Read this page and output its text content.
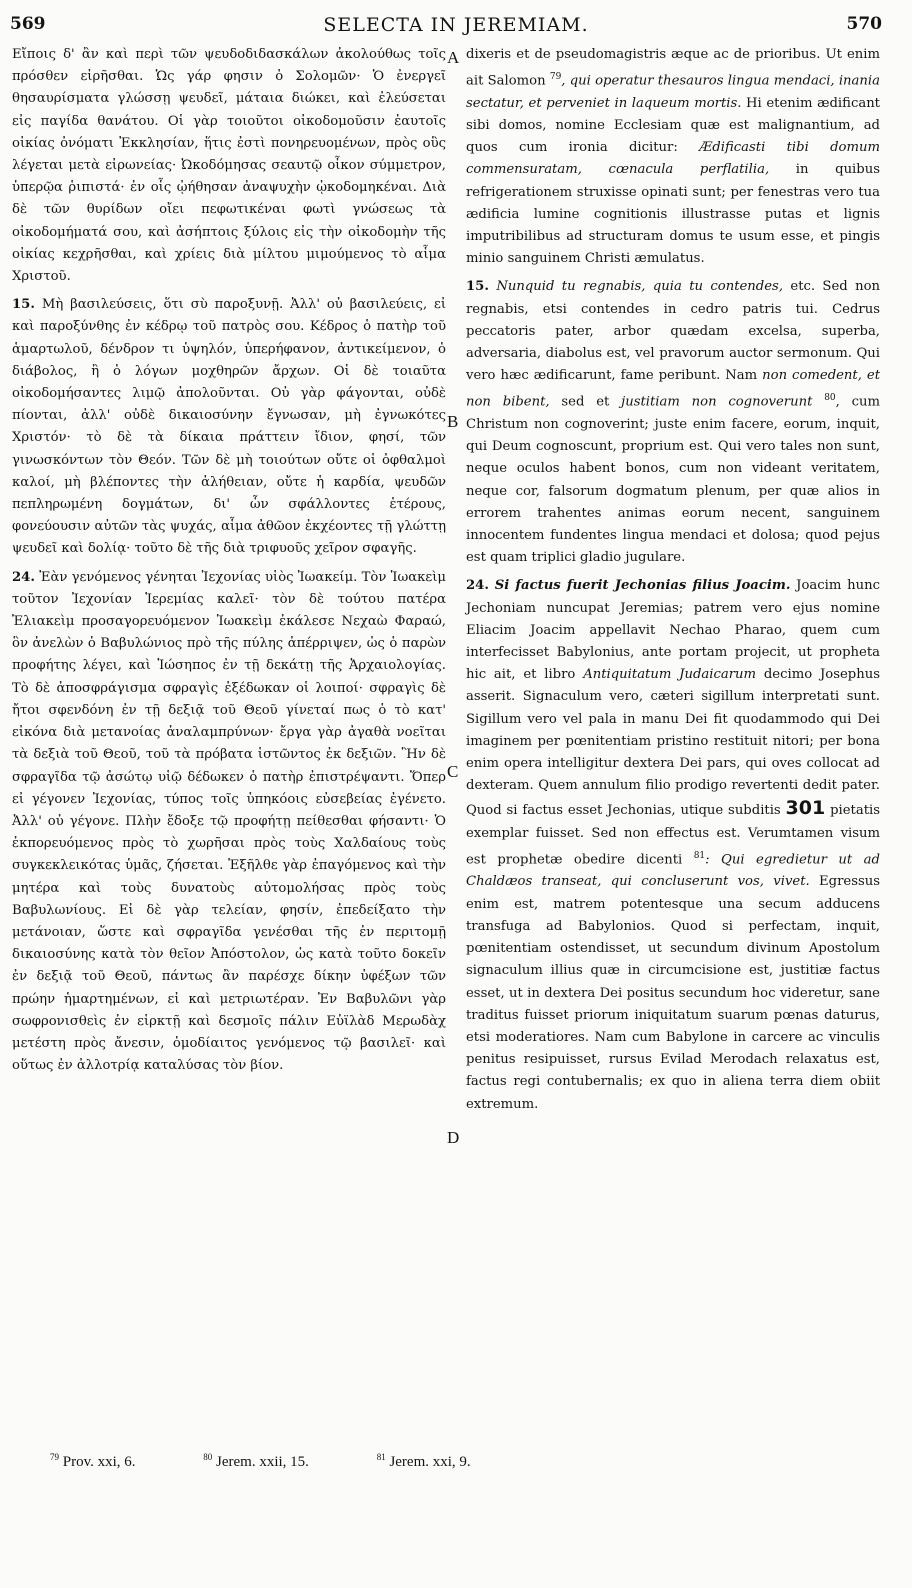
569	SELECTA IN JEREMIAM.	570

Εἴποις δ' ἂν καὶ περὶ τῶν ψευδοδιδασκάλων ἀκολούθως τοῖς πρόσθεν εἰρῆσθαι. Ὡς γάρ φησιν ὁ Σολομῶν· Ὁ ἐνεργεῖ θησαυρίσματα γλώσσῃ ψευδεῖ, μάταια διώκει, καὶ ἐλεύσεται εἰς παγίδα θανάτου. Οἱ γὰρ τοιοῦτοι οἰκοδομοῦσιν ἑαυτοῖς οἰκίας ὀνόματι Ἐκκλησίαν, ἥτις ἐστὶ πονηρευομένων, πρὸς οὓς λέγεται μετὰ εἰρωνείας· Ὠκοδόμησας σεαυτῷ οἶκον σύμμετρον, ὑπερῷα ῥιπιστά· ἐν οἷς ᾠήθησαν ἀναψυχὴν ᾠκοδομηκέναι. Διὰ δὲ τῶν θυρίδων οἴει πεφωτικέναι φωτὶ γνώσεως τὰ οἰκοδομήματά σου, καὶ ἀσήπτοις ξύλοις εἰς τὴν οἰκοδομὴν τῆς οἰκίας κεχρῆσθαι, καὶ χρίεις διὰ μίλτου μιμούμενος τὸ αἷμα Χριστοῦ.

15. Μὴ βασιλεύσεις, ὅτι σὺ παροξυνῇ. Ἀλλ' οὐ βασιλεύεις, εἰ καὶ παροξύνθης ἐν κέδρῳ τοῦ πατρὸς σου. Κέδρος ὁ πατὴρ τοῦ ἁμαρτωλοῦ, δένδρον τι ὑψηλόν, ὑπερήφανον, ἀντικείμενον, ὁ διάβολος, ἢ ὁ λόγων μοχθηρῶν ἄρχων. Οἱ δὲ τοιαῦτα οἰκοδομήσαντες λιμῷ ἀπολοῦνται. Οὐ γὰρ φάγονται, οὐδὲ πίονται, ἀλλ' οὐδὲ δικαιοσύνην ἔγνωσαν, μὴ ἐγνωκότες Χριστόν· τὸ δὲ τὰ δίκαια πράττειν ἴδιον, φησί, τῶν γινωσκόντων τὸν Θεόν. Τῶν δὲ μὴ τοιούτων οὔτε οἱ ὀφθαλμοὶ καλοί, μὴ βλέποντες τὴν ἀλήθειαν, οὔτε ἡ καρδία, ψευδῶν πεπληρωμένη δογμάτων, δι' ὧν σφάλλοντες ἑτέρους, φονεύουσιν αὐτῶν τὰς ψυχάς, αἷμα ἀθῶον ἐκχέοντες τῇ γλώττῃ ψευδεῖ καὶ δολίᾳ· τοῦτο δὲ τῆς διὰ τριφυοῦς χεῖρον σφαγῆς.

24. Ἐὰν γενόμενος γένηται Ἰεχονίας υἱὸς Ἰωακείμ. Τὸν Ἰωακεὶμ τοῦτον Ἰεχονίαν Ἱερεμίας καλεῖ· τὸν δὲ τούτου πατέρα Ἐλιακεὶμ προσαγορευόμενον Ἰωακεὶμ ἐκάλεσε Νεχαὼ Φαραώ, ὃν ἀνελὼν ὁ Βαβυλώνιος πρὸ τῆς πύλης ἀπέρριψεν, ὡς ὁ παρὼν προφήτης λέγει, καὶ Ἰώσηπος ἐν τῇ δεκάτῃ τῆς Ἀρχαιολογίας. Τὸ δὲ ἀποσφράγισμα σφραγὶς ἐξέδωκαν οἱ λοιποί· σφραγὶς δὲ ἤτοι σφενδόνη ἐν τῇ δεξιᾷ τοῦ Θεοῦ γίνεταί πως ὁ τὸ κατ' εἰκόνα διὰ μετανοίας ἀναλαμπρύνων· ἔργα γὰρ ἀγαθὰ νοεῖται τὰ δεξιὰ τοῦ Θεοῦ, τοῦ τὰ πρόβατα ἱστῶντος ἐκ δεξιῶν. Ἣν δὲ σφραγῖδα τῷ ἀσώτῳ υἱῷ δέδωκεν ὁ πατὴρ ἐπιστρέψαντι. Ὅπερ εἰ γέγονεν Ἰεχονίας, τύπος τοῖς ὑπηκόοις εὐσεβείας ἐγένετο. Ἀλλ' οὐ γέγονε. Πλὴν ἔδοξε τῷ προφήτῃ πείθεσθαι φήσαντι· Ὁ ἐκπορευόμενος πρὸς τὸ χωρῆσαι πρὸς τοὺς Χαλδαίους τοὺς συγκεκλεικότας ὑμᾶς, ζήσεται. Ἐξῆλθε γὰρ ἐπαγόμενος καὶ τὴν μητέρα καὶ τοὺς δυνατοὺς αὐτομολήσας πρὸς τοὺς Βαβυλωνίους. Εἰ δὲ γὰρ τελείαν, φησίν, ἐπεδείξατο τὴν μετάνοιαν, ὥστε καὶ σφραγῖδα γενέσθαι τῆς ἐν περιτομῇ δικαιοσύνης κατὰ τὸν θεῖον Ἀπόστολον, ὡς κατὰ τοῦτο δοκεῖν ἐν δεξιᾷ τοῦ Θεοῦ, πάντως ἂν παρέσχε δίκην ὑφέξων τῶν πρώην ἡμαρτημένων, εἰ καὶ μετριωτέραν. Ἐν Βαβυλῶνι γὰρ σωφρονισθεὶς ἐν εἱρκτῇ καὶ δεσμοῖς πάλιν Εὐϊλὰδ Μερωδὰχ μετέστη πρὸς ἄνεσιν, ὁμοδίαιτος γενόμενος τῷ βασιλεῖ· καὶ οὕτως ἐν ἀλλοτρίᾳ καταλύσας τὸν βίον.

A
B
C
D

dixeris et de pseudomagistris æque ac de prioribus. Ut enim ait Salomon $^{79}$, qui operatur thesauros lingua mendaci, inania sectatur, et perveniet in laqueum mortis. Hi etenim ædificant sibi domos, nomine Ecclesiam quæ est malignantium, ad quos cum ironia dicitur: Ædificasti tibi domum commensuratam, cœnacula perflatilia, in quibus refrigerationem struxisse opinati sunt; per fenestras vero tua ædificia lumine cognitionis illustrasse putas et lignis imputribilibus ad structuram domus te usum esse, et pingis minio sanguinem Christi æmulatus.

15. Nunquid tu regnabis, quia tu contendes, etc. Sed non regnabis, etsi contendes in cedro patris tui. Cedrus peccatoris pater, arbor quædam excelsa, superba, adversaria, diabolus est, vel pravorum auctor sermonum. Qui vero hæc ædificarunt, fame peribunt. Nam non comedent, et non bibent, sed et justitiam non cognoverunt $^{80}$, cum Christum non cognoverint; juste enim facere, eorum, inquit, qui Deum cognoscunt, proprium est. Qui vero tales non sunt, neque oculos habent bonos, cum non videant veritatem, neque cor, falsorum dogmatum plenum, per quæ alios in errorem trahentes animas eorum necent, sanguinem innocentem fundentes lingua mendaci et dolosa; quod pejus est quam triplici gladio jugulare.

24. Si factus fuerit Jechonias filius Joacim. Joacim hunc Jechoniam nuncupat Jeremias; patrem vero ejus nomine Eliacim Joacim appellavit Nechao Pharao, quem cum interfecisset Babylonius, ante portam projecit, ut propheta hic ait, et libro Antiquitatum Judaicarum decimo Josephus asserit. Signaculum vero, cæteri sigillum interpretati sunt. Sigillum vero vel pala in manu Dei fit quodammodo qui Dei imaginem per pœnitentiam pristino restituit nitori; per bona enim opera intelligitur dextera Dei pars, qui oves collocat ad dexteram. Quem annulum filio prodigo revertenti dedit pater. Quod si factus esset Jechonias, utique subditis 301 pietatis exemplar fuisset. Sed non effectus est. Verumtamen visum est prophetæ obedire dicenti $^{81}$: Qui egredietur ut ad Chaldæos transeat, qui concluserunt vos, vivet. Egressus enim est, matrem potentesque una secum adducens transfuga ad Babylonios. Quod si perfectam, inquit, pœnitentiam ostendisset, ut secundum divinum Apostolum signaculum illius quæ in circumcisione est, justitiæ factus esset, ut in dextera Dei positus secundum hoc videretur, sane traditus fuisset priorum iniquitatum suarum pœnas daturus, etsi moderatiores. Nam cum Babylone in carcere ac vinculis penitus resipuisset, rursus Evilad Merodach relaxatus est, factus regi contubernalis; ex quo in aliena terra diem obiit extremum.

$^{79}$ Prov. xxi, 6.	$^{80}$ Jerem. xxii, 15.	$^{81}$ Jerem. xxi, 9.
